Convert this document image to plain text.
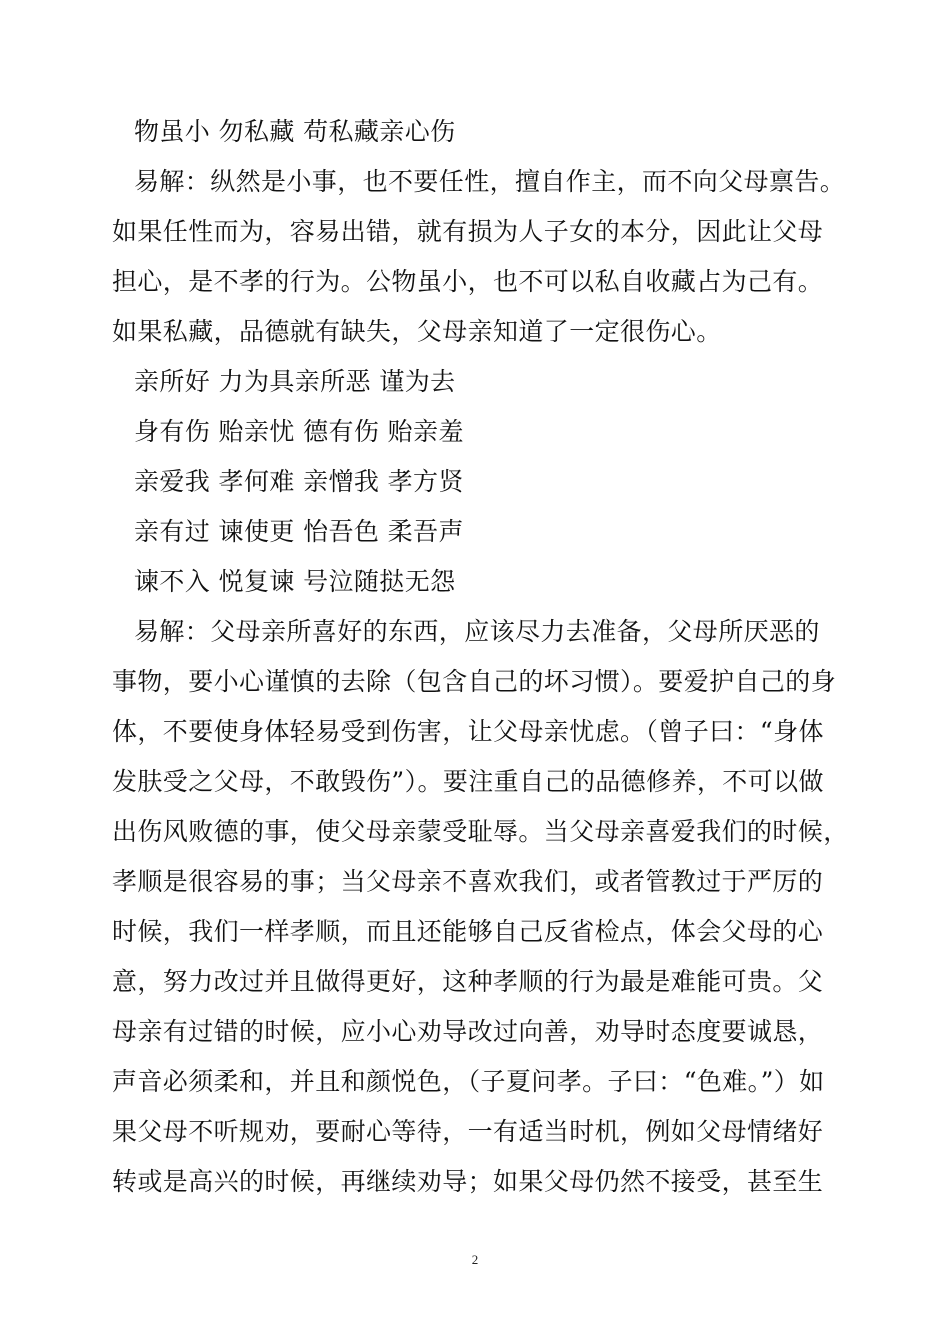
物虽小 勿私藏 苟私藏亲心伤
易解：纵然是小事，也不要任性，擅自作主，而不向父母禀告。
如果任性而为，容易出错，就有损为人子女的本分，因此让父母
担心，是不孝的行为。公物虽小，也不可以私自收藏占为己有。
如果私藏，品德就有缺失，父母亲知道了一定很伤心。
亲所好 力为具亲所恶 谨为去
身有伤 贻亲忧 德有伤 贻亲羞
亲爱我 孝何难 亲憎我 孝方贤
亲有过 谏使更 怡吾色 柔吾声
谏不入 悦复谏 号泣随挞无怨
易解：父母亲所喜好的东西，应该尽力去准备，父母所厌恶的
事物，要小心谨慎的去除（包含自己的坏习惯）。要爱护自己的身
体，不要使身体轻易受到伤害，让父母亲忧虑。（曾子曰：“身体
发肤受之父母，不敢毁伤”）。要注重自己的品德修养，不可以做
出伤风败德的事，使父母亲蒙受耻辱。当父母亲喜爱我们的时候，
孝顺是很容易的事；当父母亲不喜欢我们，或者管教过于严厉的
时候，我们一样孝顺，而且还能够自己反省检点，体会父母的心
意，努力改过并且做得更好，这种孝顺的行为最是难能可贵。父
母亲有过错的时候，应小心劝导改过向善，劝导时态度要诚恳，
声音必须柔和，并且和颜悦色，（子夏问孝。子曰：“色难。”）如
果父母不听规劝，要耐心等待，一有适当时机，例如父母情绪好
转或是高兴的时候，再继续劝导；如果父母仍然不接受，甚至生
2
